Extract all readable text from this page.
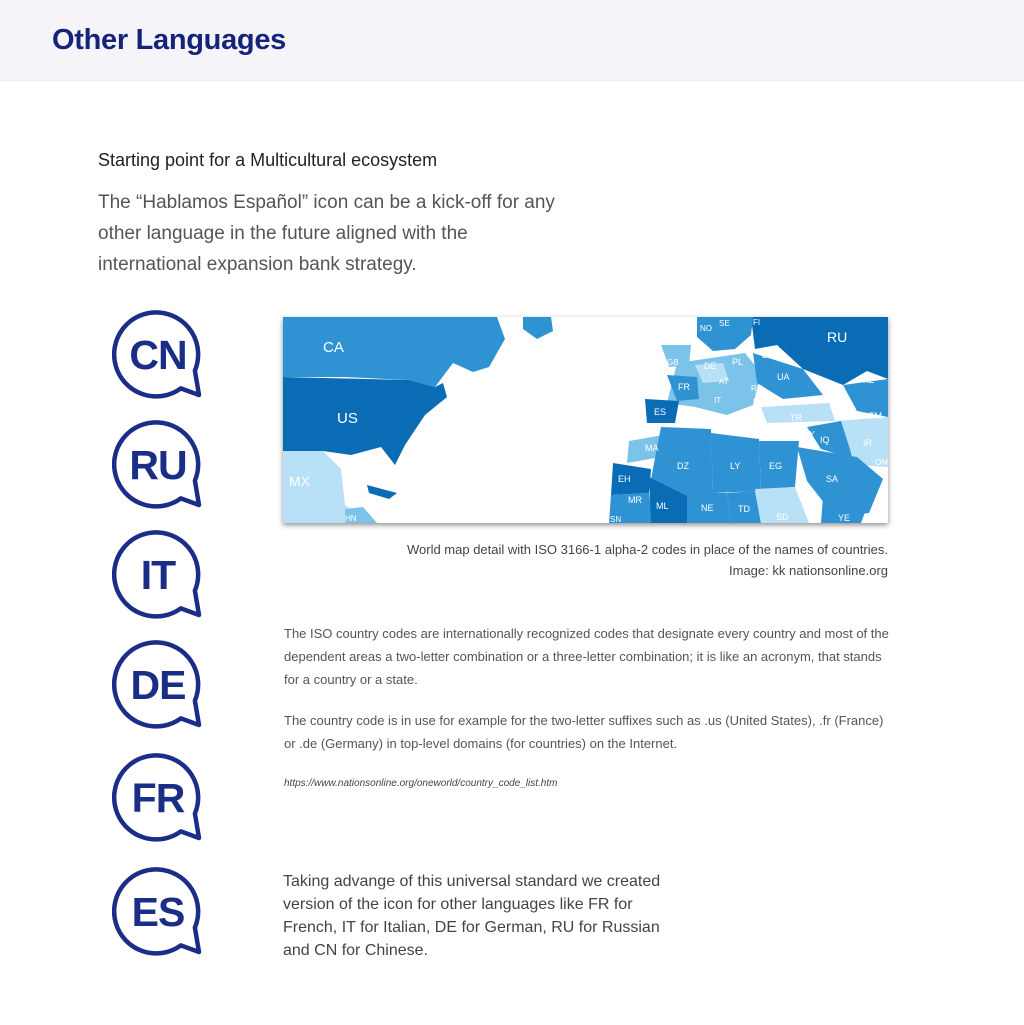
Other Languages
Starting point for a Multicultural ecosystem

The “Hablamos Español” icon can be a kick-off for any other language in the future aligned with the international expansion bank strategy.

CN
RU
IT
DE
FR
ES
CA
US
MX
HN
RU
KZ
TM
IR
TR
IQ
SY
SA
YE
OM
EG
LY
DZ
MA
EH
MR
ML	NE	TD
SD
SN
ES
FR
IE GB	DE PL
BY
UA
RO
AT
IT
NO
SE	FI
BG

World map detail with ISO 3166-1 alpha-2 codes in place of the names of countries.
Image: kk nationsonline.org

The ISO country codes are internationally recognized codes that designate every country and most of the dependent areas a two-letter combination or a three-letter combination; it is like an acronym, that stands for a country or a state.

The country code is in use for example for the two-letter suffixes such as .us (United States), .fr (France) or .de (Germany) in top-level domains (for countries) on the Internet.

https://www.nationsonline.org/oneworld/country_code_list.htm

Taking advange of this universal standard we created version of the icon for other languages like FR for French, IT for Italian, DE for German, RU for Russian and CN for Chinese.
